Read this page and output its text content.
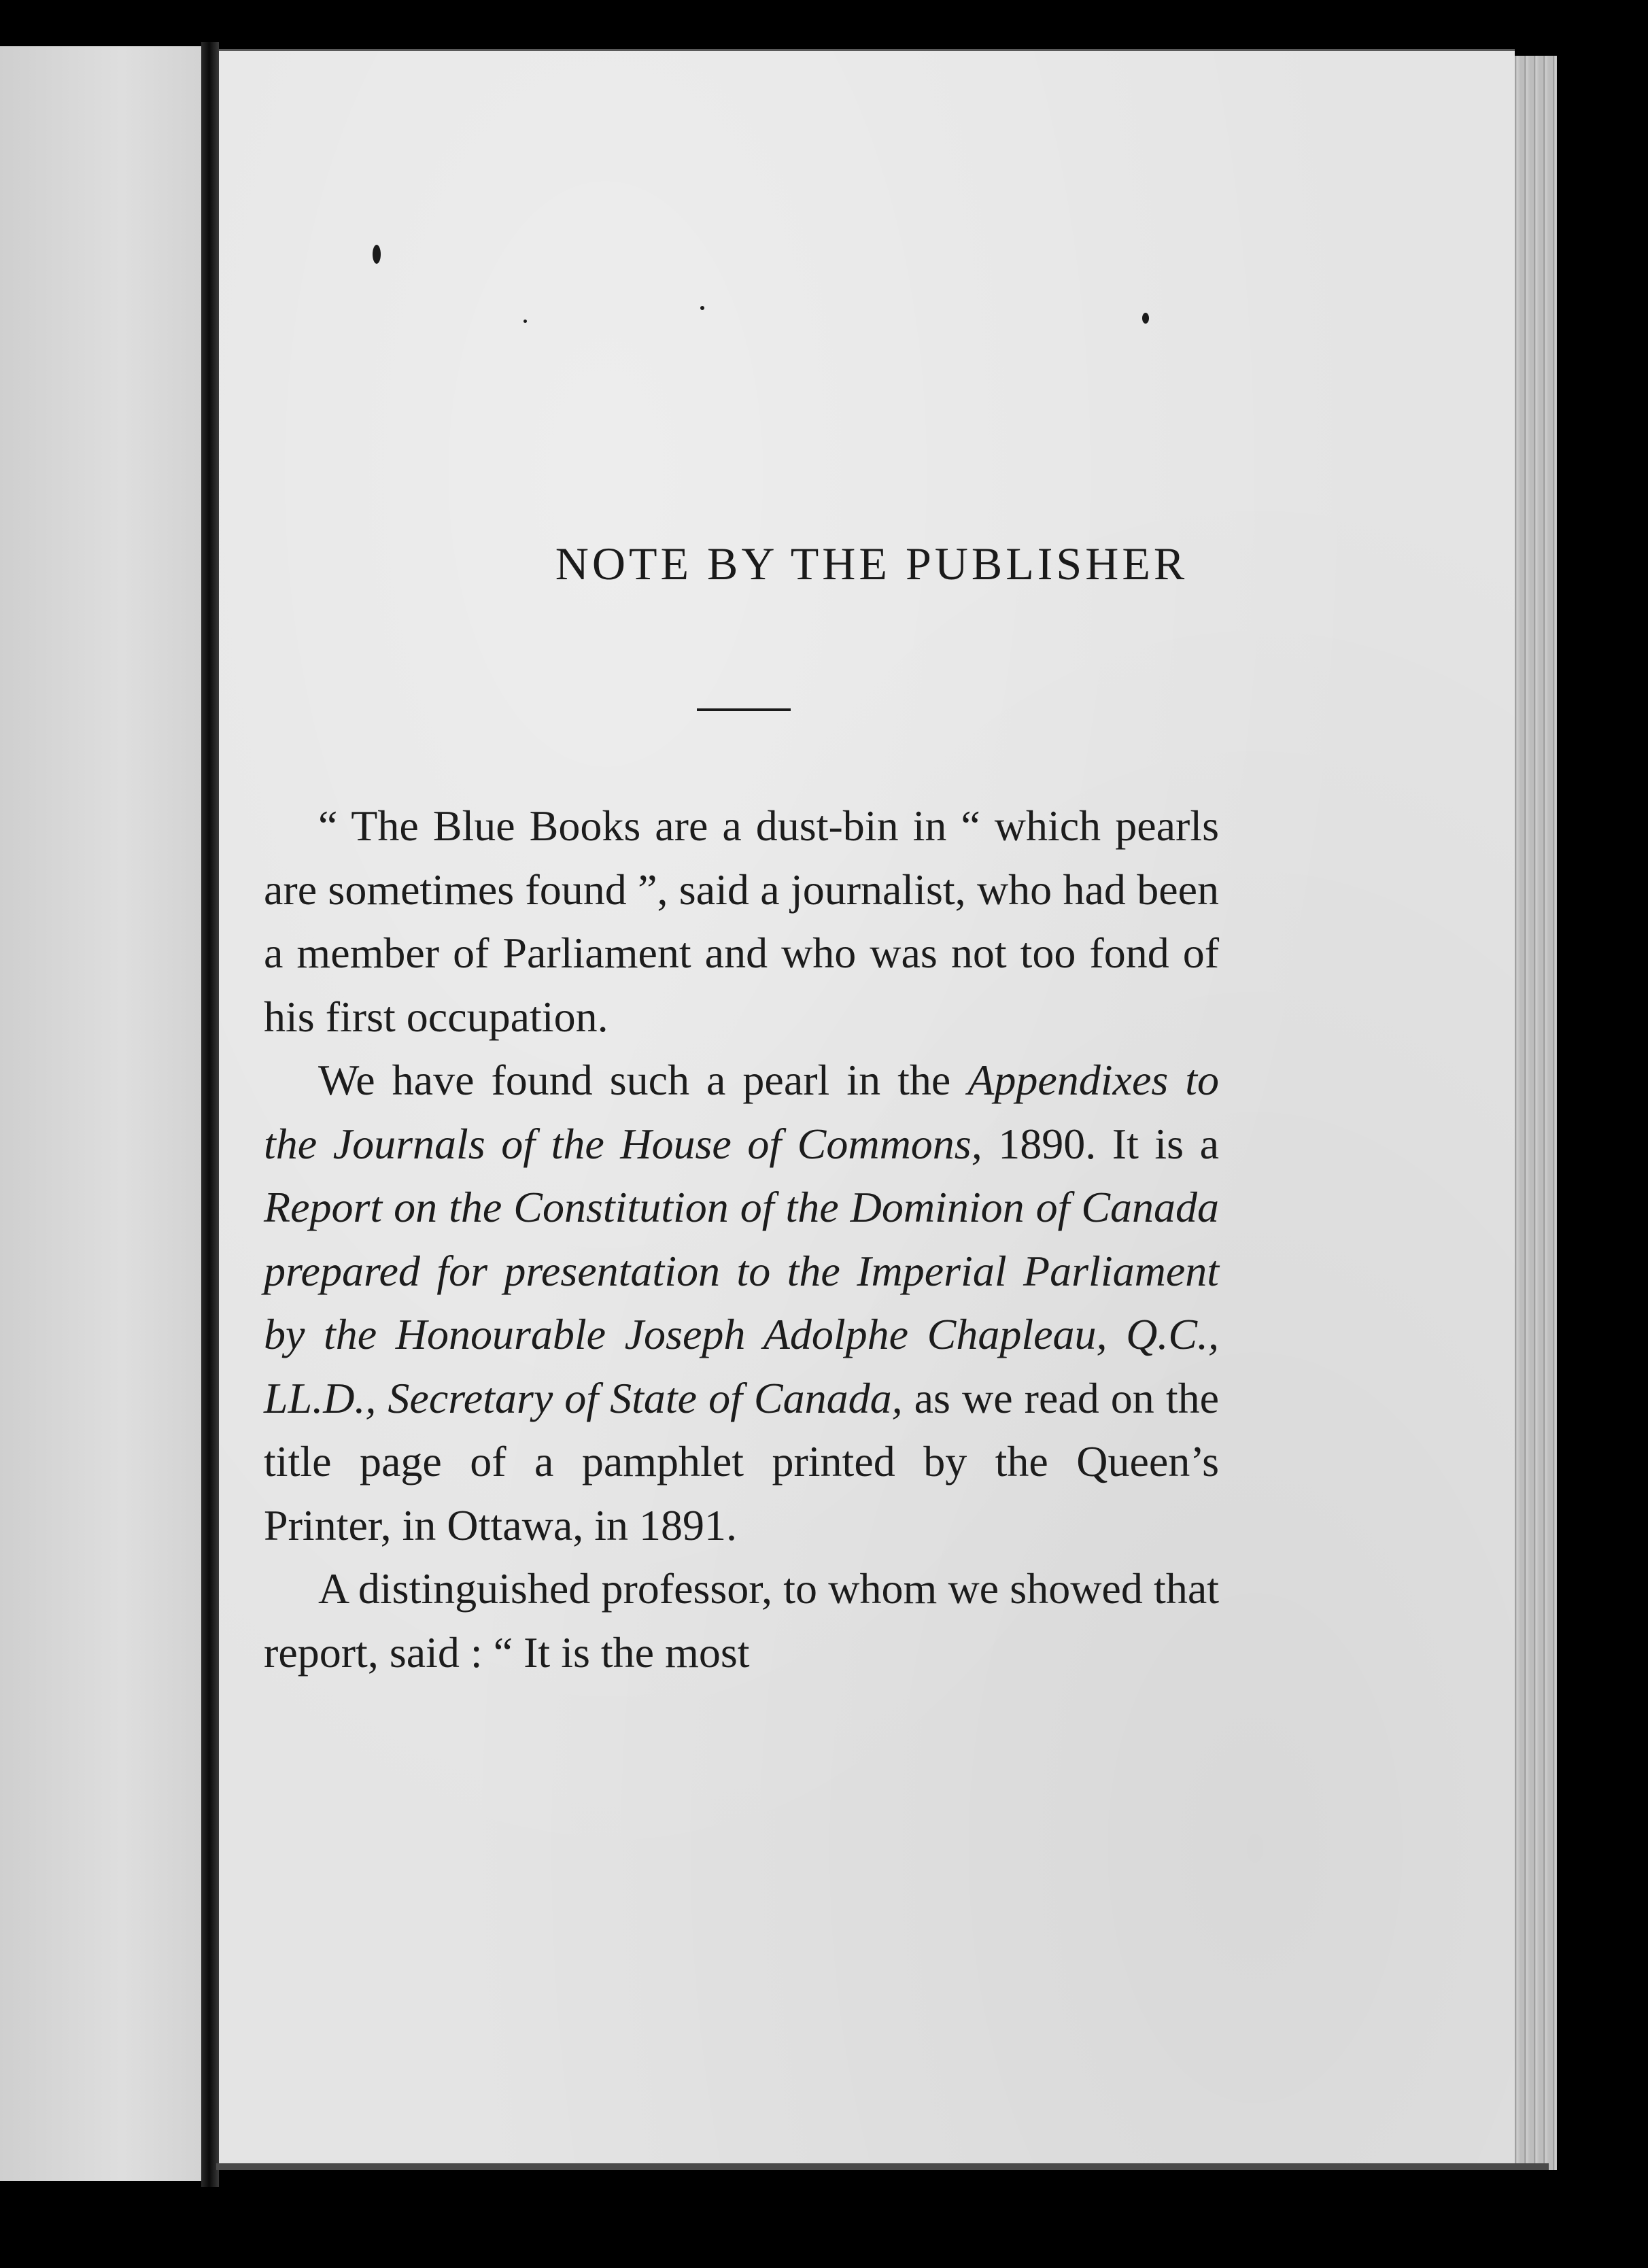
NOTE BY THE PUBLISHER

“ The Blue Books are a dust-bin in “ which pearls are sometimes found ”, said a journalist, who had been a member of Parliament and who was not too fond of his first occupation.

We have found such a pearl in the Appendixes to the Journals of the House of Commons, 1890. It is a Report on the Constitution of the Dominion of Canada prepared for presentation to the Imperial Parliament by the Honourable Joseph Adolphe Chapleau, Q.C., LL.D., Secretary of State of Canada, as we read on the title page of a pamphlet printed by the Queen’s Printer, in Ottawa, in 1891.

A distinguished professor, to whom we showed that report, said : “ It is the most
